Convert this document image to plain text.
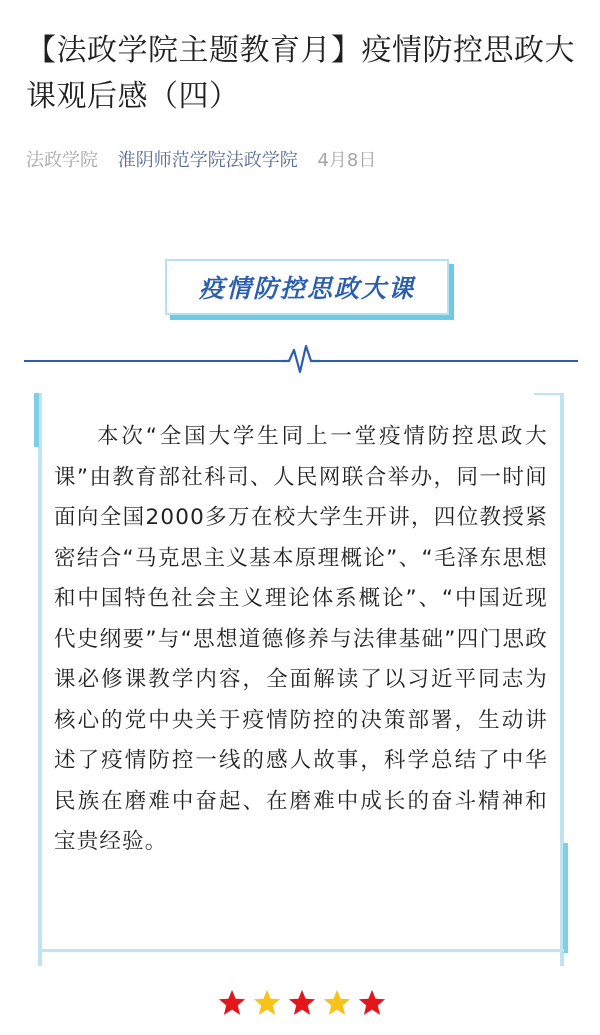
【法政学院主题教育月】疫情防控思政大课观后感（四）
法政学院 淮阴师范学院法政学院 4月8日
疫情防控思政大课

本次“全国大学生同上一堂疫情防控思政大课”由教育部社科司、人民网联合举办，同一时间面向全国2000多万在校大学生开讲，四位教授紧密结合“马克思主义基本原理概论”、“毛泽东思想和中国特色社会主义理论体系概论”、“中国近现代史纲要”与“思想道德修养与法律基础”四门思政课必修课教学内容，全面解读了以习近平同志为核心的党中央关于疫情防控的决策部署，生动讲述了疫情防控一线的感人故事，科学总结了中华民族在磨难中奋起、在磨难中成长的奋斗精神和宝贵经验。
